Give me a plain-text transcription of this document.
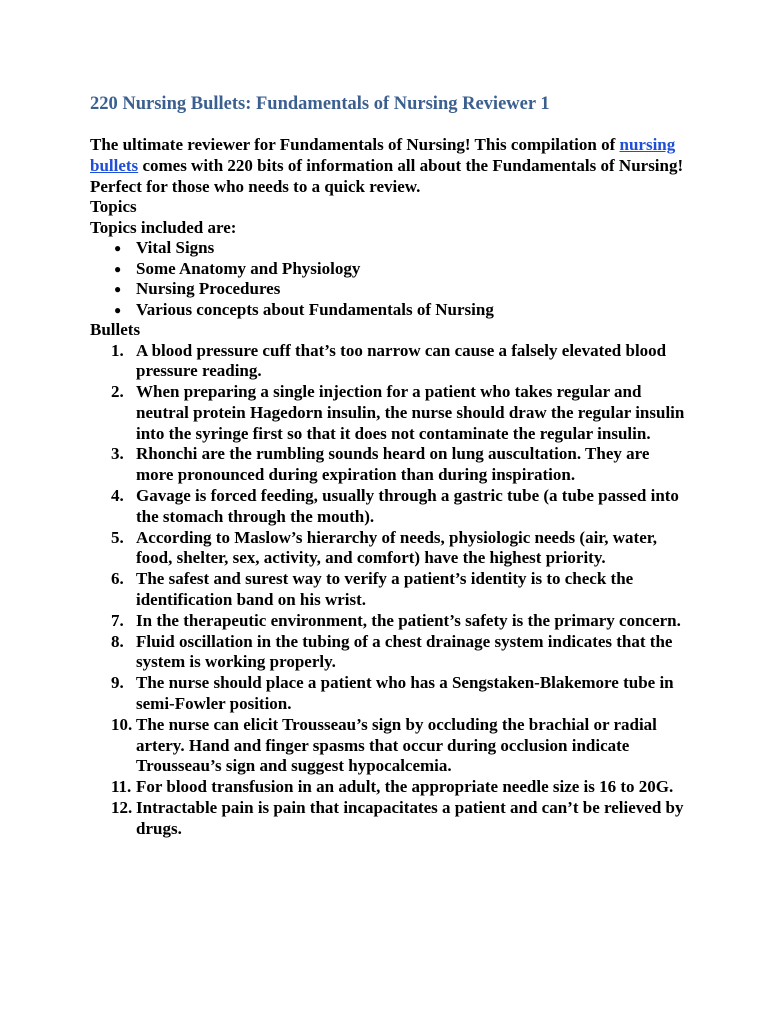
220 Nursing Bullets: Fundamentals of Nursing Reviewer 1

The ultimate reviewer for Fundamentals of Nursing! This compilation of nursing bullets comes with 220 bits of information all about the Fundamentals of Nursing! Perfect for those who needs to a quick review.

Topics

Topics included are:

● Vital Signs
● Some Anatomy and Physiology
● Nursing Procedures
● Various concepts about Fundamentals of Nursing

Bullets

1. A blood pressure cuff that’s too narrow can cause a falsely elevated blood pressure reading.
2. When preparing a single injection for a patient who takes regular and neutral protein Hagedorn insulin, the nurse should draw the regular insulin into the syringe first so that it does not contaminate the regular insulin.
3. Rhonchi are the rumbling sounds heard on lung auscultation. They are more pronounced during expiration than during inspiration.
4. Gavage is forced feeding, usually through a gastric tube (a tube passed into the stomach through the mouth).
5. According to Maslow’s hierarchy of needs, physiologic needs (air, water, food, shelter, sex, activity, and comfort) have the highest priority.
6. The safest and surest way to verify a patient’s identity is to check the identification band on his wrist.
7. In the therapeutic environment, the patient’s safety is the primary concern.
8. Fluid oscillation in the tubing of a chest drainage system indicates that the system is working properly.
9. The nurse should place a patient who has a Sengstaken-Blakemore tube in semi-Fowler position.
10. The nurse can elicit Trousseau’s sign by occluding the brachial or radial artery. Hand and finger spasms that occur during occlusion indicate Trousseau’s sign and suggest hypocalcemia.
11. For blood transfusion in an adult, the appropriate needle size is 16 to 20G.
12. Intractable pain is pain that incapacitates a patient and can’t be relieved by drugs.
